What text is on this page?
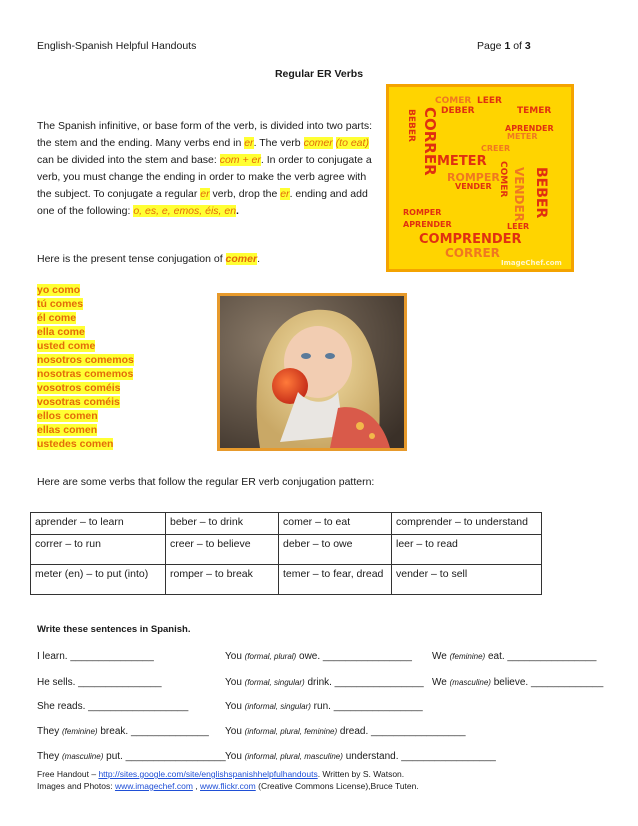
English-Spanish Helpful Handouts	Page 1 of 3
Regular ER Verbs
COMER LEER
BEBER	TEMER
APRENDER
METER
CORRER	METER
ROMPER
VENDER	BEBER
VENDER
COMER
ROMPER
APRENDER	LEER
COMPRENDER
CORRER
DEBER
CREER
ImageChef.com
The Spanish infinitive, or base form of the verb, is divided into two parts: the stem and the ending. Many verbs end in er. The verb comer (to eat) can be divided into the stem and base: com + er. In order to conjugate a verb, you must change the ending in order to make the verb agree with the subject. To conjugate a regular er verb, drop the er. ending and add one of the following: o, es, e, emos, éis, en.
Here is the present tense conjugation of comer.
yo como
tú comes
él come
ella come
usted come
nosotros comemos
nosotras comemos
vosotros coméis
vosotras coméis
ellos comen
ellas comen
ustedes comen
Here are some verbs that follow the regular ER verb conjugation pattern:
aprender – to learn	beber – to drink	comer – to eat	comprender – to understand
correr – to run	creer – to believe	deber – to owe	leer – to read
meter (en) – to put (into)	romper – to break	temer – to fear, dread	vender – to sell
Write these sentences in Spanish.
I learn. _______________	You (formal, plural) owe. ________________ We (feminine) eat. ________________
He sells. _______________	You (formal, singular) drink. ________________ We (masculine) believe. _____________
She reads. __________________	You (informal, singular) run. ________________
They (feminine) break. ______________ You (informal, plural, feminine) dread. _________________
They (masculine) put. __________________ You (informal, plural, masculine) understand. _________________
Free Handout – http://sites.google.com/site/englishspanishhelpfulhandouts. Written by S. Watson.
Images and Photos: www.imagechef.com , www.flickr.com (Creative Commons License),Bruce Tuten.
